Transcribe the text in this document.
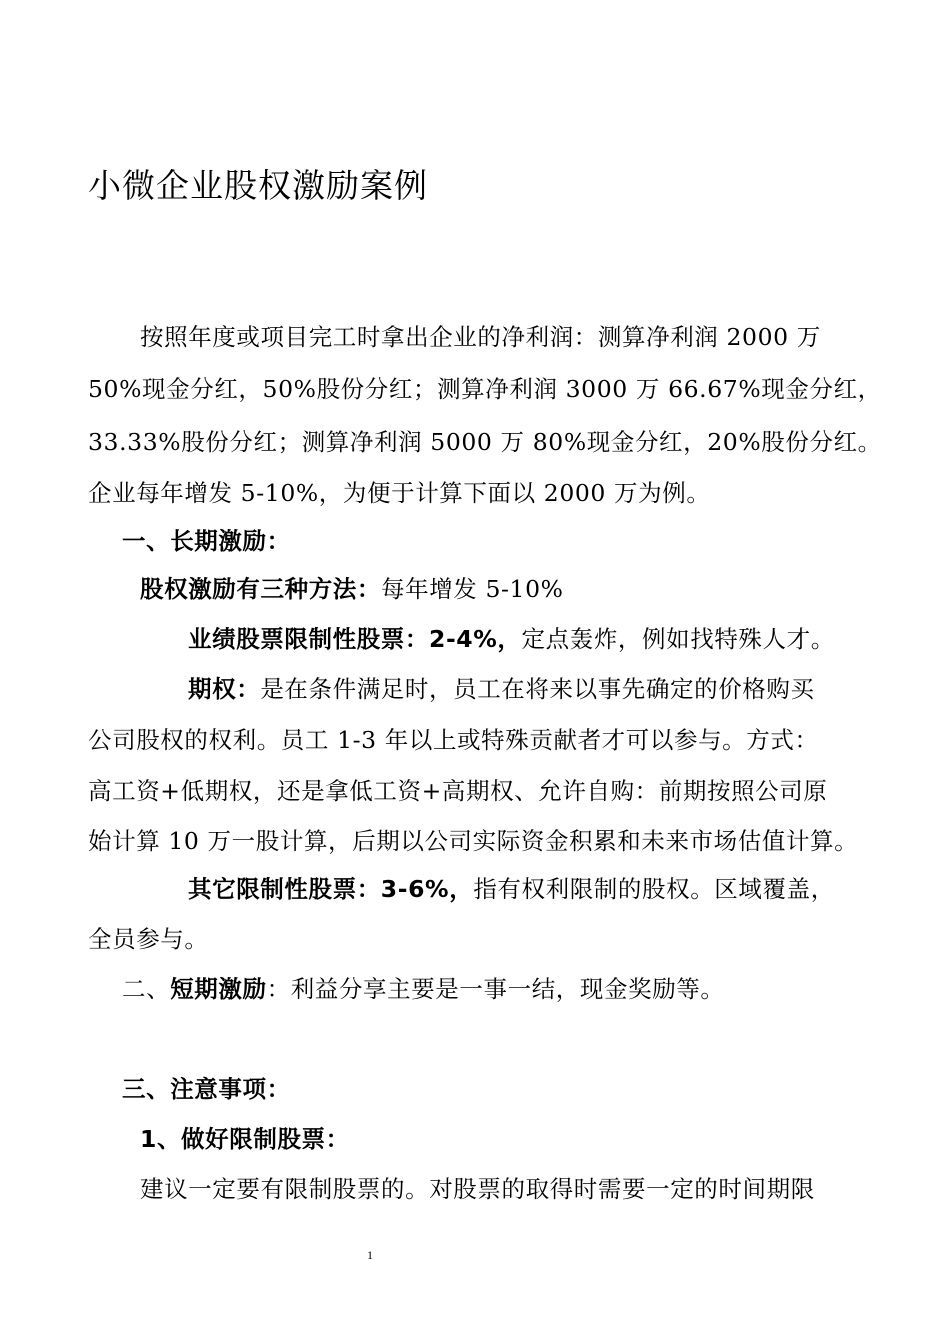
小微企业股权激励案例
按照年度或项目完工时拿出企业的净利润：测算净利润 2000 万
50%现金分红，50%股份分红；测算净利润 3000 万 66.67%现金分红，
33.33%股份分红；测算净利润 5000 万 80%现金分红，20%股份分红。
企业每年增发 5-10%，为便于计算下面以 2000 万为例。
一、长期激励：
股权激励有三种方法：每年增发 5-10%
业绩股票限制性股票：2-4%，定点轰炸，例如找特殊人才。
期权：是在条件满足时，员工在将来以事先确定的价格购买
公司股权的权利。员工 1-3 年以上或特殊贡献者才可以参与。方式：
高工资+低期权，还是拿低工资+高期权、允许自购：前期按照公司原
始计算 10 万一股计算，后期以公司实际资金积累和未来市场估值计算。
其它限制性股票：3-6%，指有权利限制的股权。区域覆盖，
全员参与。
二、短期激励：利益分享主要是一事一结，现金奖励等。
三、注意事项：
1、做好限制股票：
建议一定要有限制股票的。对股票的取得时需要一定的时间期限
1
